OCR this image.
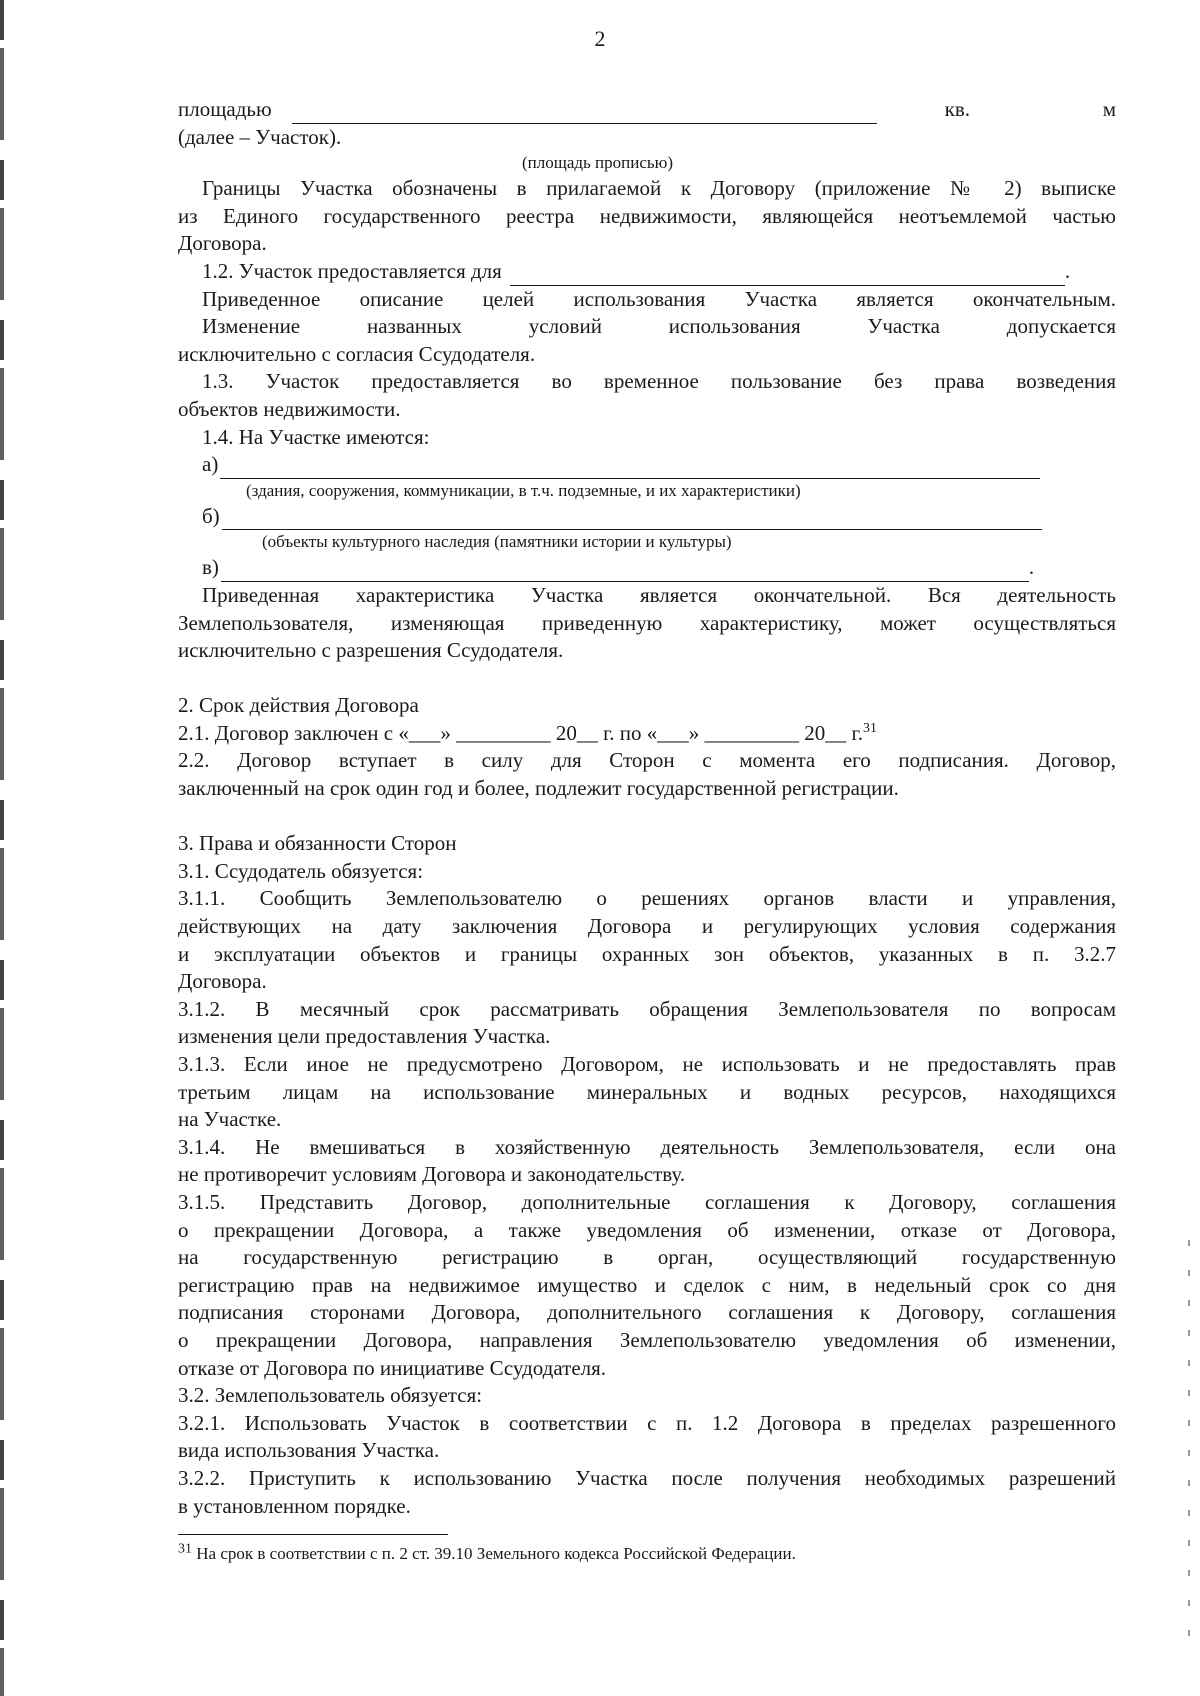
2
площадью	кв.	м
(далее – Участок).
(площадь прописью)
Границы Участка обозначены в прилагаемой к Договору (приложение № 2) выписке
из Единого государственного реестра недвижимости, являющейся неотъемлемой частью
Договора.
1.2. Участок предоставляется для	.
Приведенное описание целей использования Участка является окончательным.
Изменение названных условий использования Участка допускается
исключительно с согласия Ссудодателя.
1.3. Участок предоставляется во временное пользование без права возведения
объектов недвижимости.
1.4. На Участке имеются:
а)
(здания, сооружения, коммуникации, в т.ч. подземные, и их характеристики)
б)
(объекты культурного наследия (памятники истории и культуры)
в)	.
Приведенная характеристика Участка является окончательной. Вся деятельность
Землепользователя, изменяющая приведенную характеристику, может осуществляться
исключительно с разрешения Ссудодателя.
2. Срок действия Договора
2.1. Договор заключен с «___» _________ 20__ г. по «___» _________ 20__ г.$^{31}$
2.2. Договор вступает в силу для Сторон с момента его подписания. Договор,
заключенный на срок один год и более, подлежит государственной регистрации.
3. Права и обязанности Сторон
3.1. Ссудодатель обязуется:
3.1.1. Сообщить Землепользователю о решениях органов власти и управления,
действующих на дату заключения Договора и регулирующих условия содержания
и эксплуатации объектов и границы охранных зон объектов, указанных в п. 3.2.7
Договора.
3.1.2. В месячный срок рассматривать обращения Землепользователя по вопросам
изменения цели предоставления Участка.
3.1.3. Если иное не предусмотрено Договором, не использовать и не предоставлять прав
третьим лицам на использование минеральных и водных ресурсов, находящихся
на Участке.
3.1.4. Не вмешиваться в хозяйственную деятельность Землепользователя, если она
не противоречит условиям Договора и законодательству.
3.1.5. Представить Договор, дополнительные соглашения к Договору, соглашения
о прекращении Договора, а также уведомления об изменении, отказе от Договора,
на государственную регистрацию в орган, осуществляющий государственную
регистрацию прав на недвижимое имущество и сделок с ним, в недельный срок со дня
подписания сторонами Договора, дополнительного соглашения к Договору, соглашения
о прекращении Договора, направления Землепользователю уведомления об изменении,
отказе от Договора по инициативе Ссудодателя.
3.2. Землепользователь обязуется:
3.2.1. Использовать Участок в соответствии с п. 1.2 Договора в пределах разрешенного
вида использования Участка.
3.2.2. Приступить к использованию Участка после получения необходимых разрешений
в установленном порядке.
$^{31}$ На срок в соответствии с п. 2 ст. 39.10 Земельного кодекса Российской Федерации.
